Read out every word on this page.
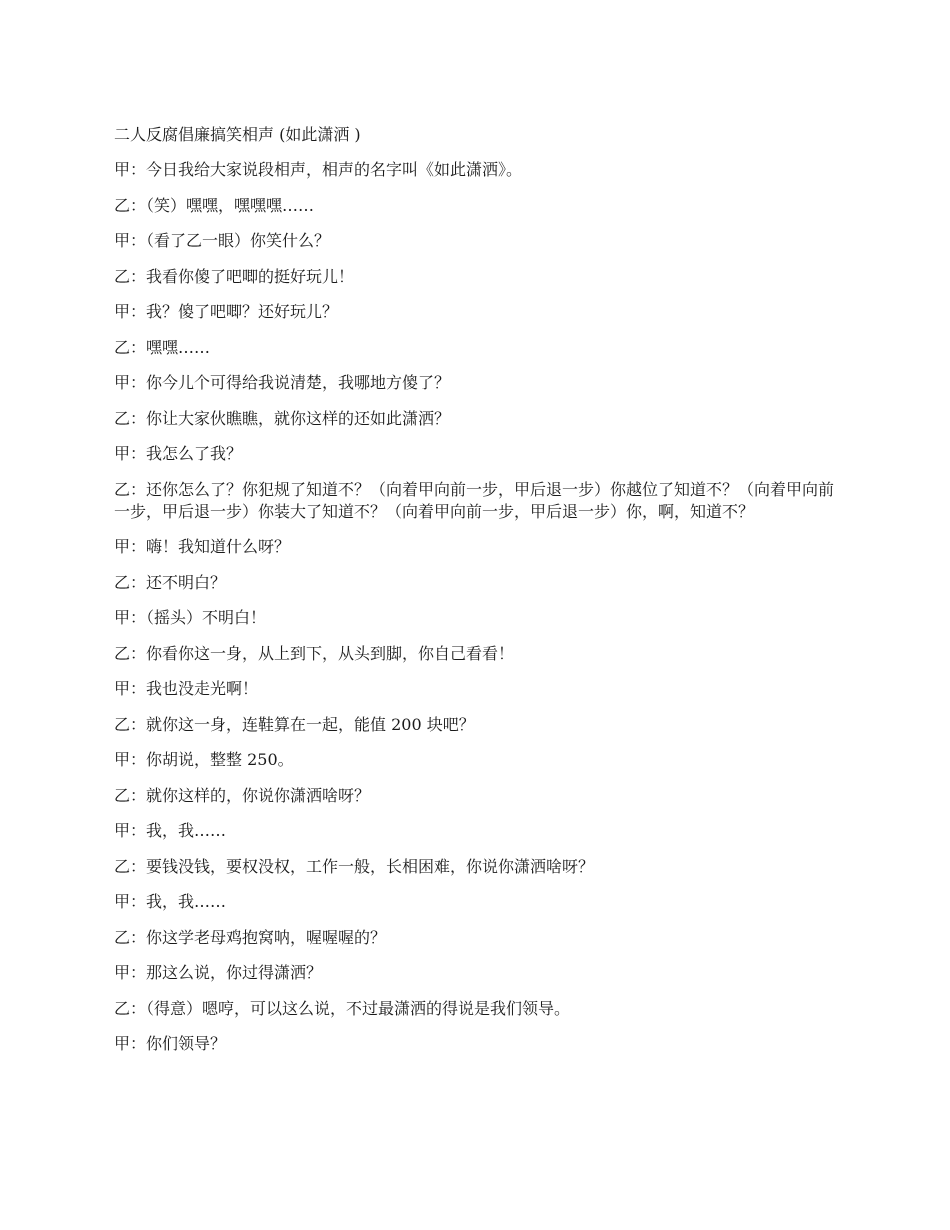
二人反腐倡廉搞笑相声 (如此潇洒 )
甲：今日我给大家说段相声，相声的名字叫《如此潇洒》。
乙：（笑）嘿嘿，嘿嘿嘿……
甲：（看了乙一眼）你笑什么？
乙：我看你傻了吧唧的挺好玩儿！
甲：我？傻了吧唧？还好玩儿？
乙：嘿嘿……
甲：你今儿个可得给我说清楚，我哪地方傻了？
乙：你让大家伙瞧瞧，就你这样的还如此潇洒？
甲：我怎么了我？
乙：还你怎么了？你犯规了知道不？（向着甲向前一步，甲后退一步）你越位了知道不？（向着甲向前一步，甲后退一步）你装大了知道不？（向着甲向前一步，甲后退一步）你，啊，知道不？
甲：嗨！我知道什么呀？
乙：还不明白？
甲：（摇头）不明白！
乙：你看你这一身，从上到下，从头到脚，你自己看看！
甲：我也没走光啊！
乙：就你这一身，连鞋算在一起，能值 200 块吧？
甲：你胡说，整整 250。
乙：就你这样的，你说你潇洒啥呀？
甲：我，我……
乙：要钱没钱，要权没权，工作一般，长相困难，你说你潇洒啥呀？
甲：我，我……
乙：你这学老母鸡抱窝呐，喔喔喔的？
甲：那这么说，你过得潇洒？
乙：（得意）嗯哼，可以这么说，不过最潇洒的得说是我们领导。
甲：你们领导？
